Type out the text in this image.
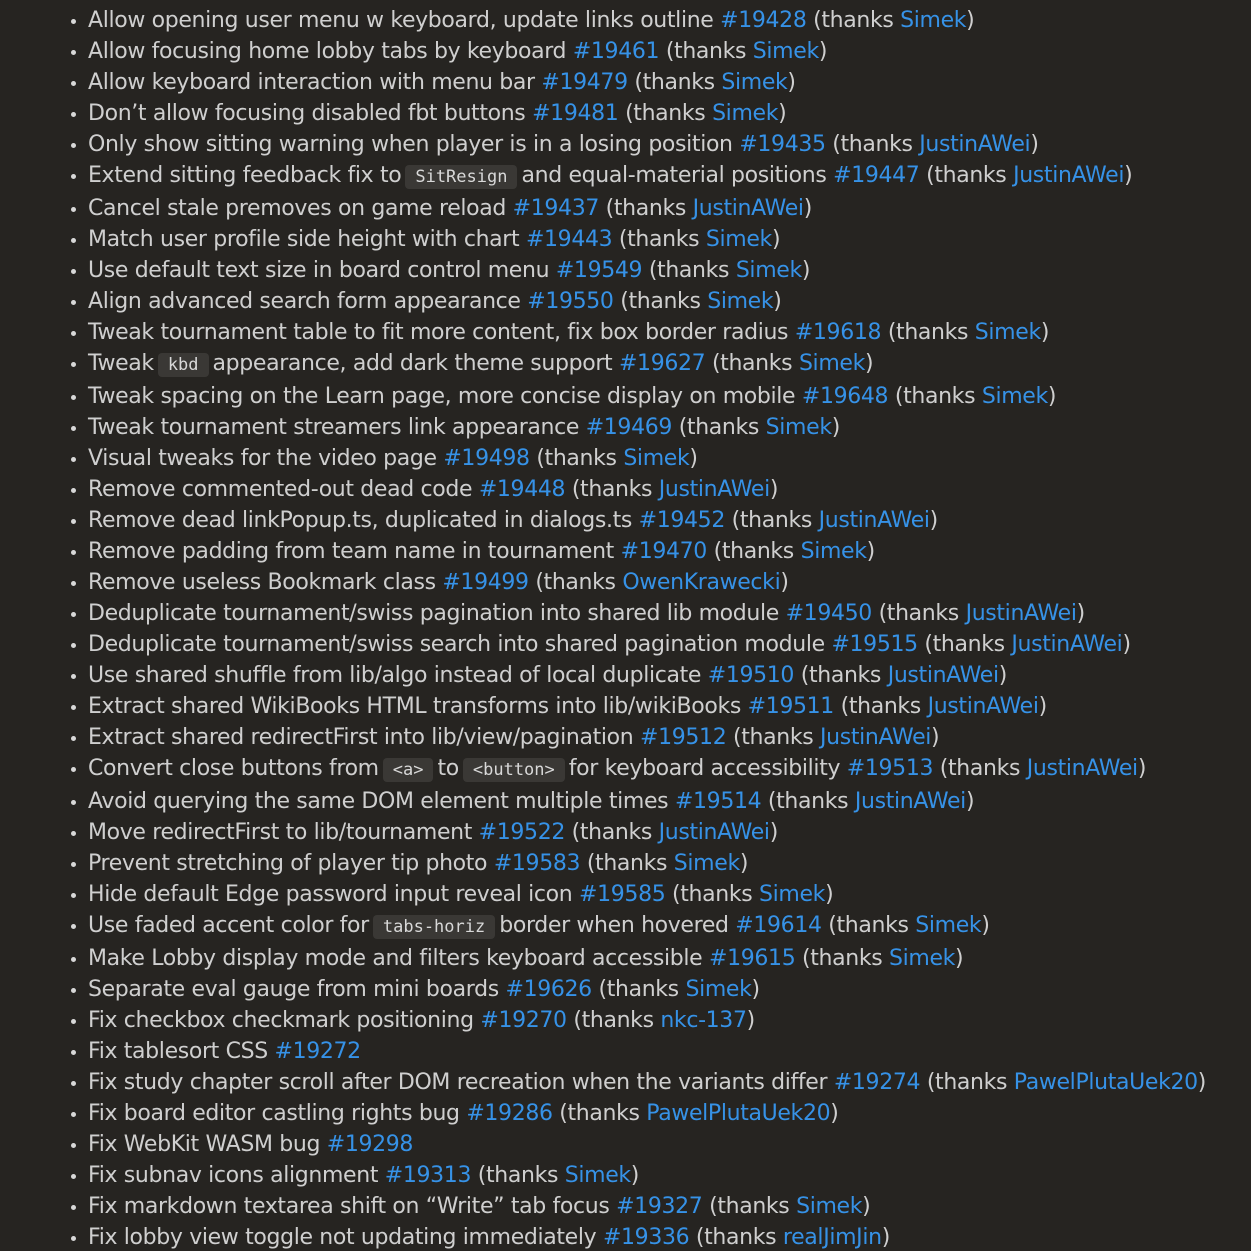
• Allow opening user menu w keyboard, update links outline #19428 (thanks Simek)
• Allow focusing home lobby tabs by keyboard #19461 (thanks Simek)
• Allow keyboard interaction with menu bar #19479 (thanks Simek)
• Don’t allow focusing disabled fbt buttons #19481 (thanks Simek)
• Only show sitting warning when player is in a losing position #19435 (thanks JustinAWei)
• Extend sitting feedback fix to SitResign and equal-material positions #19447 (thanks JustinAWei)
• Cancel stale premoves on game reload #19437 (thanks JustinAWei)
• Match user profile side height with chart #19443 (thanks Simek)
• Use default text size in board control menu #19549 (thanks Simek)
• Align advanced search form appearance #19550 (thanks Simek)
• Tweak tournament table to fit more content, fix box border radius #19618 (thanks Simek)
• Tweak kbd appearance, add dark theme support #19627 (thanks Simek)
• Tweak spacing on the Learn page, more concise display on mobile #19648 (thanks Simek)
• Tweak tournament streamers link appearance #19469 (thanks Simek)
• Visual tweaks for the video page #19498 (thanks Simek)
• Remove commented-out dead code #19448 (thanks JustinAWei)
• Remove dead linkPopup.ts, duplicated in dialogs.ts #19452 (thanks JustinAWei)
• Remove padding from team name in tournament #19470 (thanks Simek)
• Remove useless Bookmark class #19499 (thanks OwenKrawecki)
• Deduplicate tournament/swiss pagination into shared lib module #19450 (thanks JustinAWei)
• Deduplicate tournament/swiss search into shared pagination module #19515 (thanks JustinAWei)
• Use shared shuffle from lib/algo instead of local duplicate #19510 (thanks JustinAWei)
• Extract shared WikiBooks HTML transforms into lib/wikiBooks #19511 (thanks JustinAWei)
• Extract shared redirectFirst into lib/view/pagination #19512 (thanks JustinAWei)
• Convert close buttons from <a> to <button> for keyboard accessibility #19513 (thanks JustinAWei)
• Avoid querying the same DOM element multiple times #19514 (thanks JustinAWei)
• Move redirectFirst to lib/tournament #19522 (thanks JustinAWei)
• Prevent stretching of player tip photo #19583 (thanks Simek)
• Hide default Edge password input reveal icon #19585 (thanks Simek)
• Use faded accent color for tabs-horiz border when hovered #19614 (thanks Simek)
• Make Lobby display mode and filters keyboard accessible #19615 (thanks Simek)
• Separate eval gauge from mini boards #19626 (thanks Simek)
• Fix checkbox checkmark positioning #19270 (thanks nkc-137)
• Fix tablesort CSS #19272
• Fix study chapter scroll after DOM recreation when the variants differ #19274 (thanks PawelPlutaUek20)
• Fix board editor castling rights bug #19286 (thanks PawelPlutaUek20)
• Fix WebKit WASM bug #19298
• Fix subnav icons alignment #19313 (thanks Simek)
• Fix markdown textarea shift on “Write” tab focus #19327 (thanks Simek)
• Fix lobby view toggle not updating immediately #19336 (thanks realJimJin)
